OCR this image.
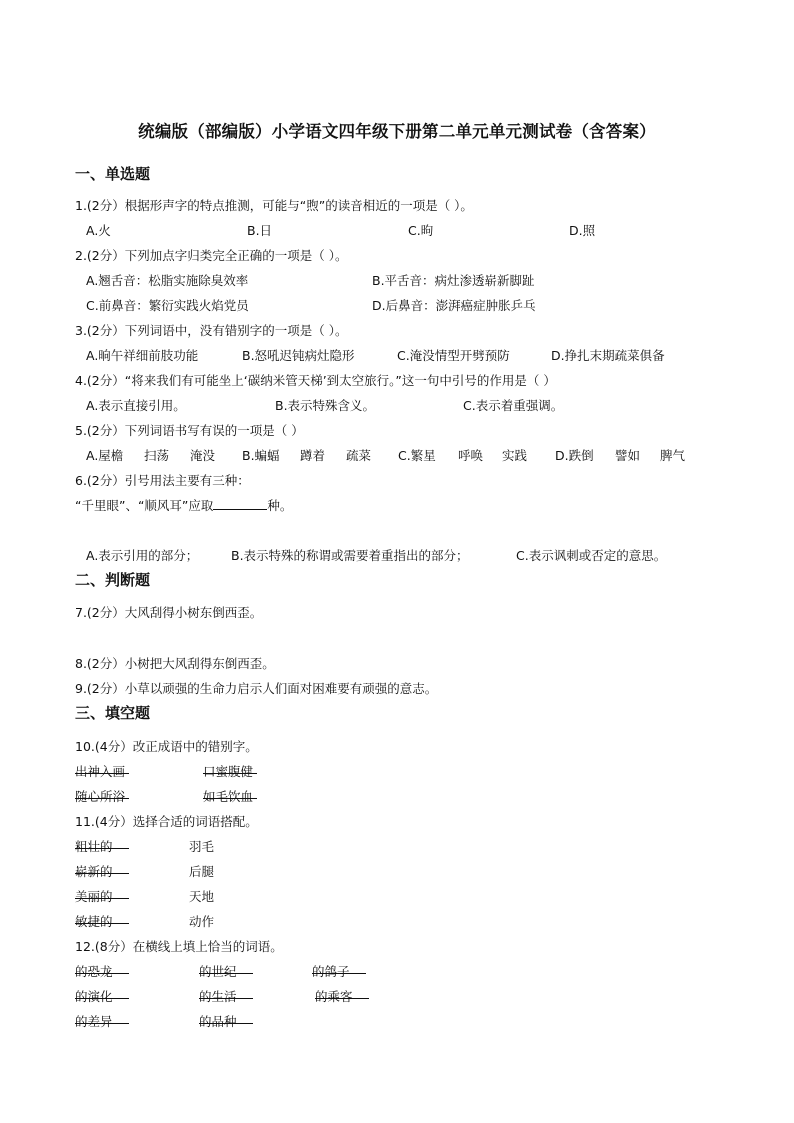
统编版（部编版）小学语文四年级下册第二单元单元测试卷（含答案）
一、单选题
1.(2分）根据形声字的特点推测，可能与“煦”的读音相近的一项是（ ）。
A.火	B.日	C.昫	D.照
2.(2分）下列加点字归类完全正确的一项是（ ）。
A.翘舌音：松脂实施除臭效率	B.平舌音：病灶渗透崭新脚趾
C.前鼻音：繁衍实践火焰党员	D.后鼻音：澎湃癌症肿胀乒乓
3.(2分）下列词语中，没有错别字的一项是（ ）。
A.晌午祥细前肢功能	B.怒吼迟钝病灶隐形	C.淹没情型开劈预防	D.挣扎末期疏菜俱备
4.(2分）“将来我们有可能坐上‘碳纳米管天梯’到太空旅行。”这一句中引号的作用是（ ）
A.表示直接引用。	B.表示特殊含义。	C.表示着重强调。
5.(2分）下列词语书写有误的一项是（ ）
A.屋檐 扫荡 淹没 B.蝙蝠 蹲着 疏菜 C.繁星 呼唤 实践 D.跌倒 譬如 脾气
6.(2分）引号用法主要有三种：
“千里眼”、“顺风耳”应取	种。
A.表示引用的部分；	B.表示特殊的称谓或需要着重指出的部分；	C.表示讽刺或否定的意思。
二、判断题
7.(2分）大风刮得小树东倒西歪。
8.(2分）小树把大风刮得东倒西歪。
9.(2分）小草以顽强的生命力启示人们面对困难要有顽强的意志。
三、填空题
10.(4分）改正成语中的错别字。
出神入画	口蜜腹健
随心所浴	如毛饮血
11.(4分）选择合适的词语搭配。
粗壮的	羽毛
崭新的	后腿
美丽的	天地
敏捷的	动作
12.(8分）在横线上填上恰当的词语。
的恐龙	的世纪	的鸽子
的演化	的生活	的乘客
的差异	的品种
